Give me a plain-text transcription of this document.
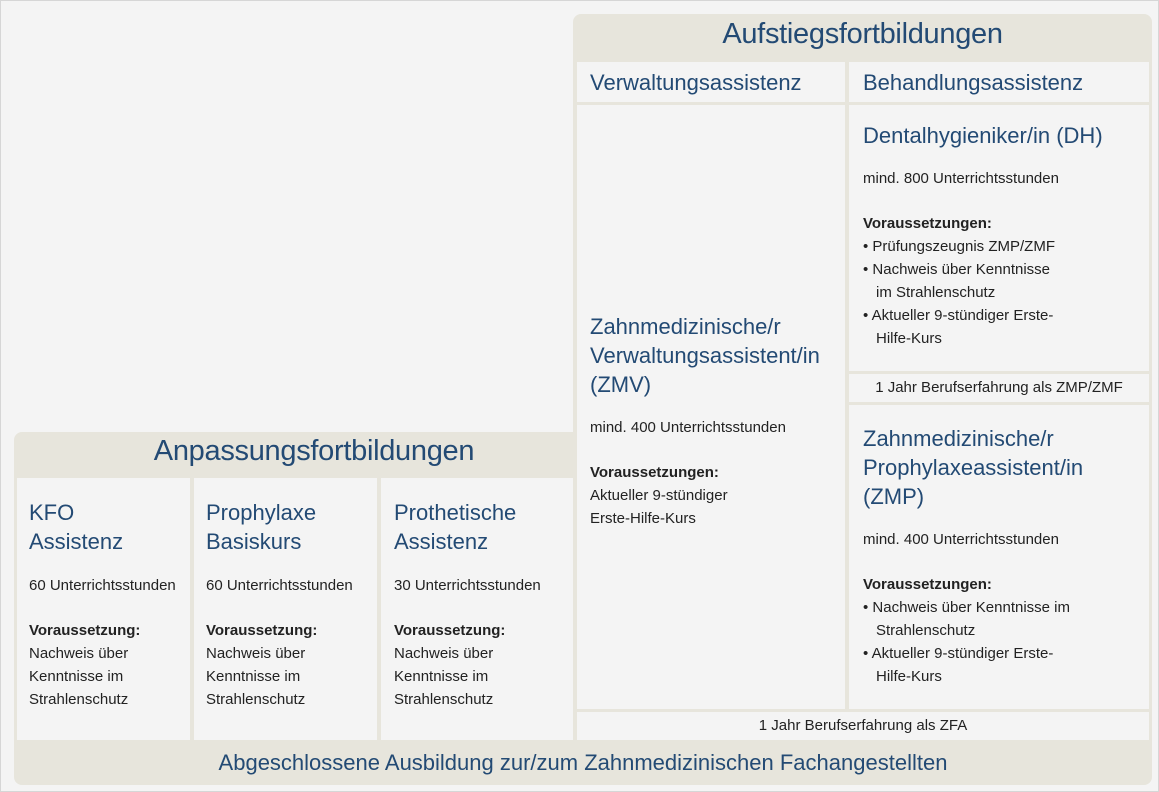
Aufstiegsfortbildungen
Verwaltungsassistenz	Behandlungsassistenz
Zahnmedizinische/r Verwaltungsassistent/in (ZMV)
mind. 400 Unterrichtsstunden
Voraussetzungen:
Aktueller 9-stündiger
Erste-Hilfe-Kurs
Dentalhygieniker/in (DH)
mind. 800 Unterrichtsstunden
Voraussetzungen:
• Prüfungszeugnis ZMP/ZMF
• Nachweis über Kenntnisse im Strahlenschutz
• Aktueller 9-stündiger Erste-Hilfe-Kurs
1 Jahr Berufserfahrung als ZMP/ZMF
Zahnmedizinische/r Prophylaxeassistent/in (ZMP)
mind. 400 Unterrichtsstunden
Voraussetzungen:
• Nachweis über Kenntnisse im Strahlenschutz
• Aktueller 9-stündiger Erste-Hilfe-Kurs
1 Jahr Berufserfahrung als ZFA
Anpassungsfortbildungen
KFO Assistenz
60 Unterrichtsstunden
Voraussetzung:
Nachweis über Kenntnisse im Strahlenschutz
Prophylaxe Basiskurs
60 Unterrichtsstunden
Voraussetzung:
Nachweis über Kenntnisse im Strahlenschutz
Prothetische Assistenz
30 Unterrichtsstunden
Voraussetzung:
Nachweis über Kenntnisse im Strahlenschutz
Abgeschlossene Ausbildung zur/zum Zahnmedizinischen Fachangestellten
